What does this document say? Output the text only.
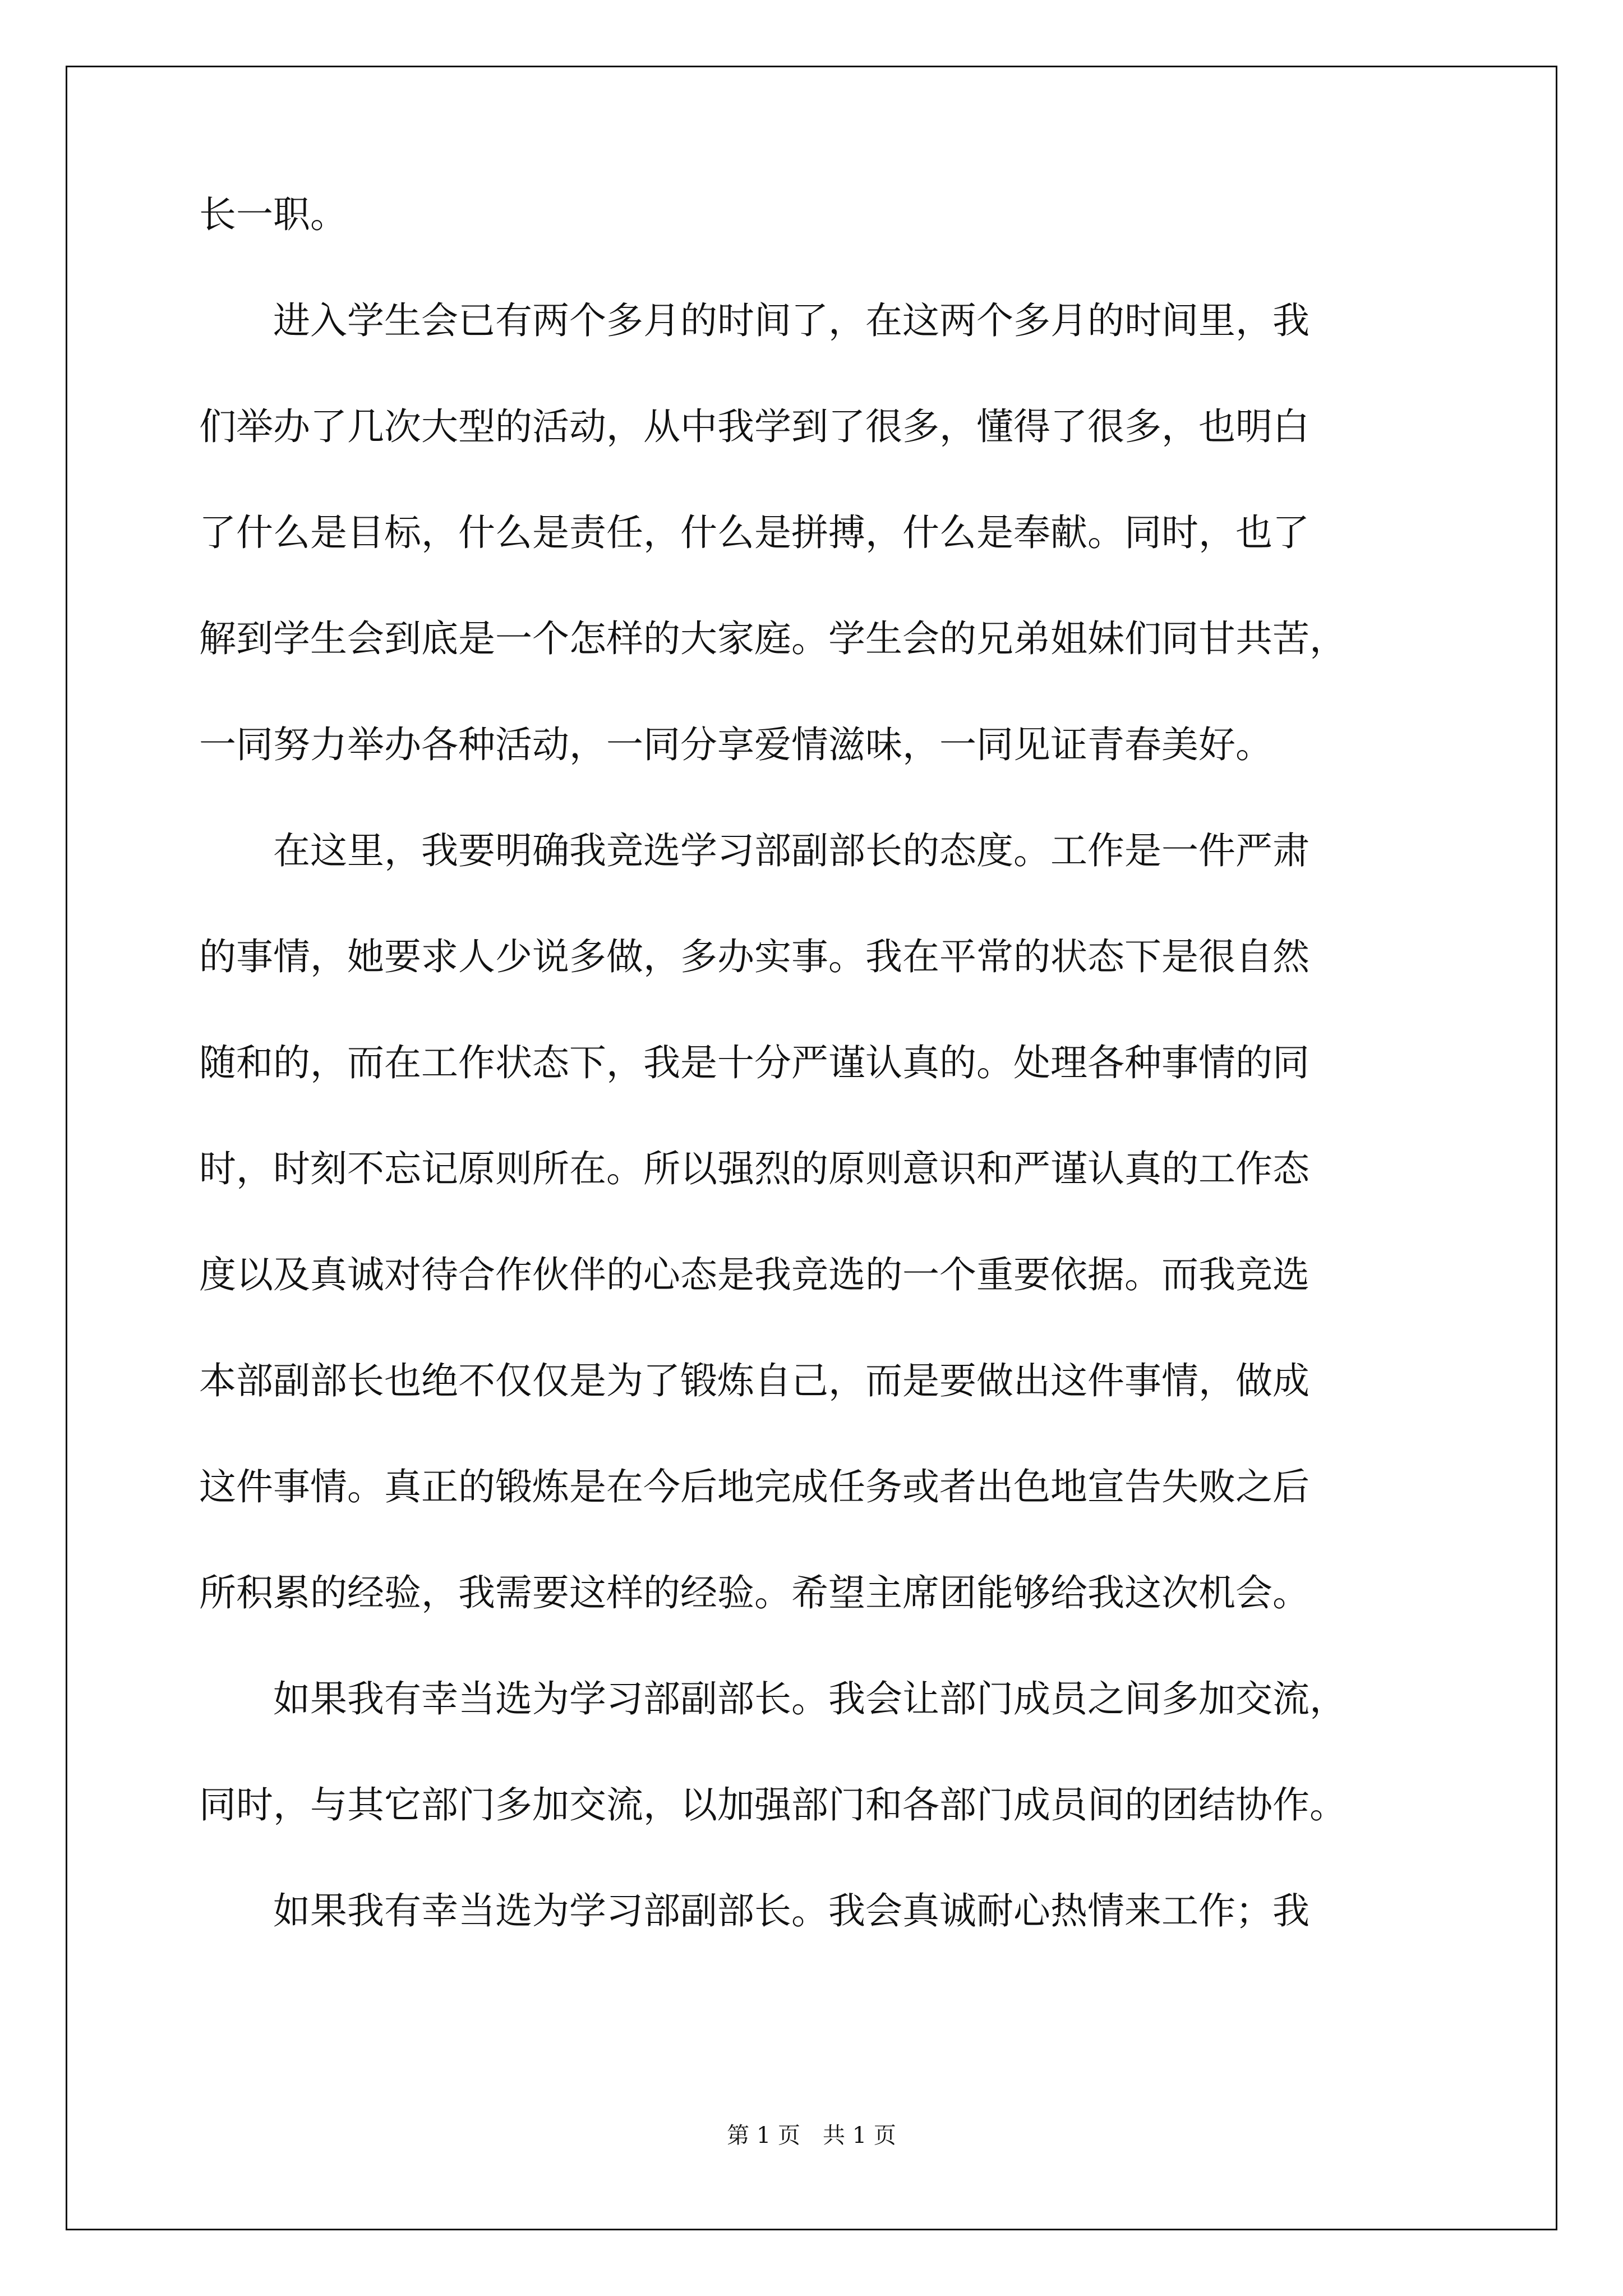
长一职。
　　进入学生会已有两个多月的时间了，在这两个多月的时间里，我
们举办了几次大型的活动，从中我学到了很多，懂得了很多，也明白
了什么是目标，什么是责任，什么是拼搏，什么是奉献。同时，也了
解到学生会到底是一个怎样的大家庭。学生会的兄弟姐妹们同甘共苦，
一同努力举办各种活动，一同分享爱情滋味，一同见证青春美好。
　　在这里，我要明确我竞选学习部副部长的态度。工作是一件严肃
的事情，她要求人少说多做，多办实事。我在平常的状态下是很自然
随和的，而在工作状态下，我是十分严谨认真的。处理各种事情的同
时，时刻不忘记原则所在。所以强烈的原则意识和严谨认真的工作态
度以及真诚对待合作伙伴的心态是我竞选的一个重要依据。而我竞选
本部副部长也绝不仅仅是为了锻炼自己，而是要做出这件事情，做成
这件事情。真正的锻炼是在今后地完成任务或者出色地宣告失败之后
所积累的经验，我需要这样的经验。希望主席团能够给我这次机会。
　　如果我有幸当选为学习部副部长。我会让部门成员之间多加交流，
同时，与其它部门多加交流，以加强部门和各部门成员间的团结协作。
　　如果我有幸当选为学习部副部长。我会真诚耐心热情来工作；我
第 1 页　共 1 页
